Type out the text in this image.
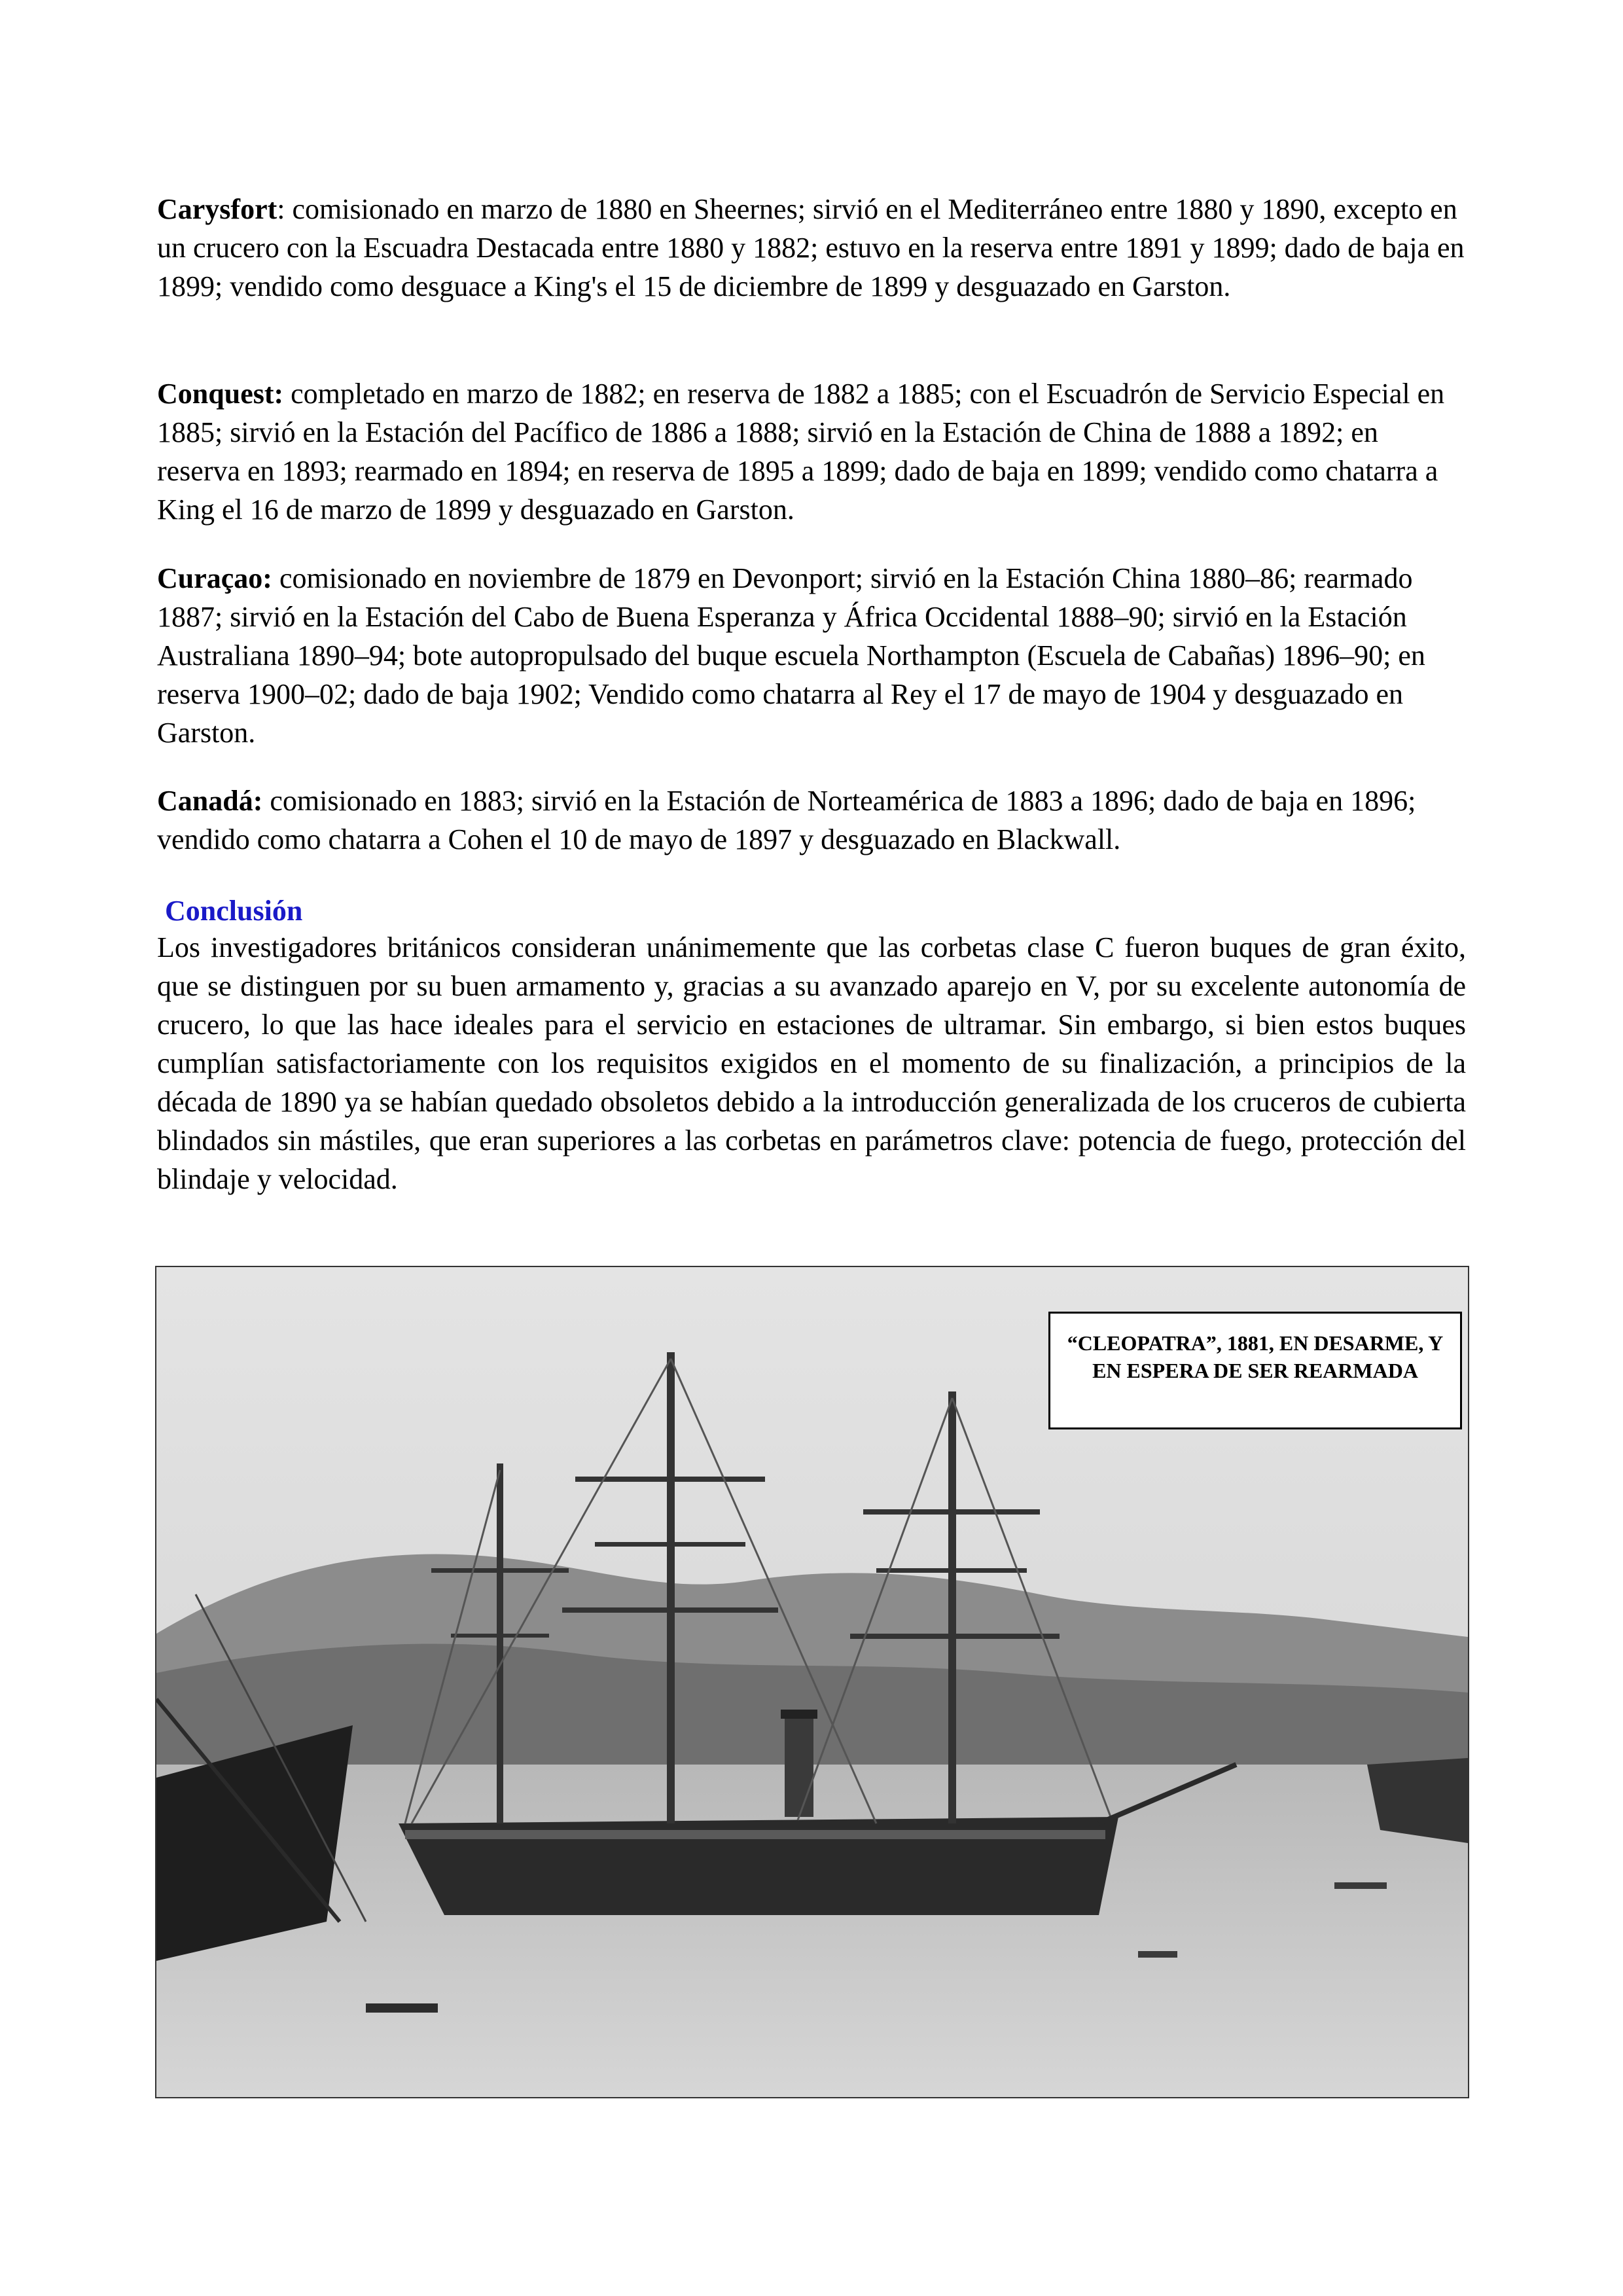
Carysfort: comisionado en marzo de 1880 en Sheernes; sirvió en el Mediterráneo entre 1880 y 1890, excepto en un crucero con la Escuadra Destacada entre 1880 y 1882; estuvo en la reserva entre 1891 y 1899; dado de baja en 1899; vendido como desguace a King's el 15 de diciembre de 1899 y desguazado en Garston.

Conquest: completado en marzo de 1882; en reserva de 1882 a 1885; con el Escuadrón de Servicio Especial en 1885; sirvió en la Estación del Pacífico de 1886 a 1888; sirvió en la Estación de China de 1888 a 1892; en reserva en 1893; rearmado en 1894; en reserva de 1895 a 1899; dado de baja en 1899; vendido como chatarra a King el 16 de marzo de 1899 y desguazado en Garston.

Curaçao: comisionado en noviembre de 1879 en Devonport; sirvió en la Estación China 1880–86; rearmado 1887; sirvió en la Estación del Cabo de Buena Esperanza y África Occidental 1888–90; sirvió en la Estación Australiana 1890–94; bote autopropulsado del buque escuela Northampton (Escuela de Cabañas) 1896–90; en reserva 1900–02; dado de baja 1902; Vendido como chatarra al Rey el 17 de mayo de 1904 y desguazado en Garston.

Canadá: comisionado en 1883; sirvió en la Estación de Norteamérica de 1883 a 1896; dado de baja en 1896; vendido como chatarra a Cohen el 10 de mayo de 1897 y desguazado en Blackwall.

Conclusión

Los investigadores británicos consideran unánimemente que las corbetas clase C fueron buques de gran éxito, que se distinguen por su buen armamento y, gracias a su avanzado aparejo en V, por su excelente autonomía de crucero, lo que las hace ideales para el servicio en estaciones de ultramar. Sin embargo, si bien estos buques cumplían satisfactoriamente con los requisitos exigidos en el momento de su finalización, a principios de la década de 1890 ya se habían quedado obsoletos debido a la introducción generalizada de los cruceros de cubierta blindados sin mástiles, que eran superiores a las corbetas en parámetros clave: potencia de fuego, protección del blindaje y velocidad.

“CLEOPATRA”, 1881, EN DESARME, Y EN ESPERA DE SER REARMADA
